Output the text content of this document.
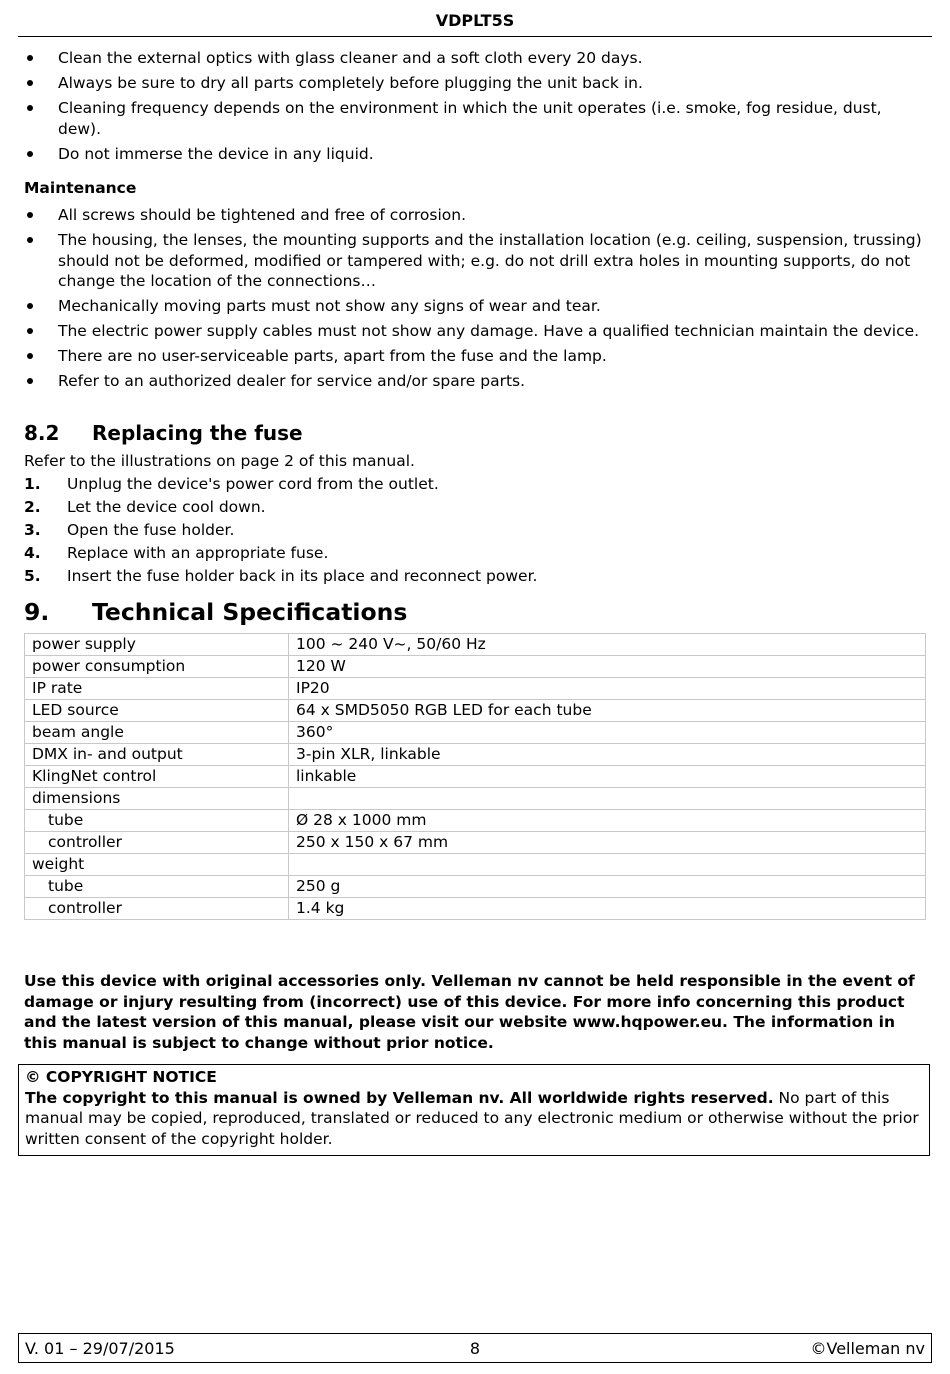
VDPLT5S
Clean the external optics with glass cleaner and a soft cloth every 20 days.
Always be sure to dry all parts completely before plugging the unit back in.
Cleaning frequency depends on the environment in which the unit operates (i.e. smoke, fog residue, dust, dew).
Do not immerse the device in any liquid.
Maintenance
All screws should be tightened and free of corrosion.
The housing, the lenses, the mounting supports and the installation location (e.g. ceiling, suspension, trussing) should not be deformed, modified or tampered with; e.g. do not drill extra holes in mounting supports, do not change the location of the connections…
Mechanically moving parts must not show any signs of wear and tear.
The electric power supply cables must not show any damage. Have a qualified technician maintain the device.
There are no user-serviceable parts, apart from the fuse and the lamp.
Refer to an authorized dealer for service and/or spare parts.
8.2 Replacing the fuse
Refer to the illustrations on page 2 of this manual.
1. Unplug the device's power cord from the outlet.
2. Let the device cool down.
3. Open the fuse holder.
4. Replace with an appropriate fuse.
5. Insert the fuse holder back in its place and reconnect power.
9. Technical Specifications
power supply	100 ~ 240 V~, 50/60 Hz
power consumption	120 W
IP rate	IP20
LED source	64 x SMD5050 RGB LED for each tube
beam angle	360°
DMX in- and output	3-pin XLR, linkable
KlingNet control	linkable
dimensions	
tube	Ø 28 x 1000 mm
controller	250 x 150 x 67 mm
weight	
tube	250 g
controller	1.4 kg
Use this device with original accessories only. Velleman nv cannot be held responsible in the event of damage or injury resulting from (incorrect) use of this device. For more info concerning this product and the latest version of this manual, please visit our website www.hqpower.eu. The information in this manual is subject to change without prior notice.
© COPYRIGHT NOTICE
The copyright to this manual is owned by Velleman nv. All worldwide rights reserved. No part of this manual may be copied, reproduced, translated or reduced to any electronic medium or otherwise without the prior written consent of the copyright holder.
8
V. 01 – 29/07/2015	©Velleman nv
